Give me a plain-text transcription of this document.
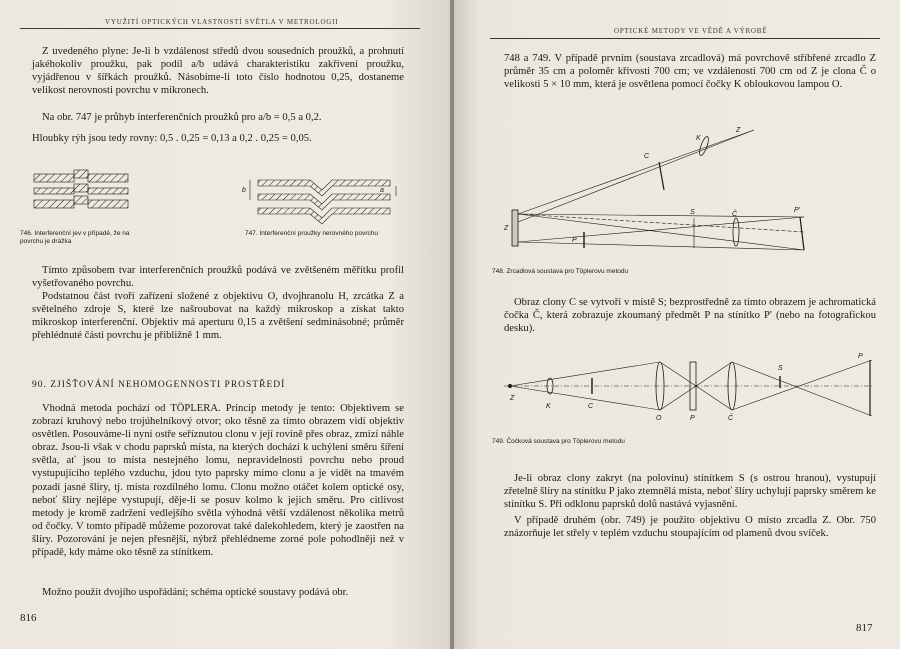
VYUŽITÍ OPTICKÝCH VLASTNOSTÍ SVĚTLA V METROLOGII

Z uvedeného plyne: Je-li b vzdálenost středů dvou sousedních proužků, a prohnutí jakéhokoliv proužku, pak podíl a/b udává charakteristiku zakřivení proužku, vyjádřenou v šířkách proužků. Násobíme-li toto číslo hodnotou 0,25, dostaneme velikost nerovnosti povrchu v mikronech.

Na obr. 747 je průhyb interferenčních proužků pro a/b = 0,5 a 0,2.

Hloubky rýh jsou tedy rovny: 0,5 . 0,25 = 0,13 a 0,2 . 0,25 = 0,05.

746. Interferenční jev v případě, že na povrchu je drážka
b	a
747. Interferenční proužky nerovného povrchu

Tímto způsobem tvar interferenčních proužků podává ve zvětšeném měřítku profil vyšetřovaného povrchu.

Podstatnou část tvoří zařízení složené z objektivu O, dvojhranolu H, zrcátka Z a světelného zdroje S, které lze našroubovat na každý mikroskop a získat takto mikroskop interferenční. Objektiv má aperturu 0,15 a zvětšení sedminásobné; průměr přehlédnuté části povrchu je přibližně 1 mm.

90. ZJIŠŤOVÁNÍ NEHOMOGENNOSTI PROSTŘEDÍ

Vhodná metoda pochází od TÖPLERA. Princip metody je tento: Objektivem se zobrazí kruhový nebo trojúhelníkový otvor; oko těsně za tímto obrazem vidí objektiv osvětlen. Posouváme-li nyní ostře seříznutou clonu v její rovině přes obraz, zmizí náhle obraz. Jsou-li však v chodu paprsků místa, na kterých dochází k uchýlení směru šíření světla, ať jsou to místa nestejného lomu, nepravidelnosti povrchu nebo proud vystupujícího teplého vzduchu, jdou tyto paprsky mimo clonu a je vidět na tmavém pozadí jasné šlíry, tj. místa rozdílného lomu. Clonu možno otáčet kolem optické osy, neboť šlíry nejlépe vystupují, děje-li se posuv kolmo k jejich směru. Pro citlivost metody je kromě zadržení vedlejšího světla výhodná větší vzdálenost několika metrů od čočky. V tomto případě můžeme pozorovat také dalekohledem, který je zaostřen na šlíry. Pozorování je nejen přesnější, nýbrž přehlédneme zorné pole pohodlněji než v případě, kdy máme oko těsně za stínítkem.

Možno použít dvojího uspořádání; schéma optické soustavy podává obr.

816
OPTICKÉ METODY VE VĚDĚ A VÝROBĚ

748 a 749. V případě prvním (soustava zrcadlová) má povrchově stříbřené zrcadlo Z průměr 35 cm a poloměr křivosti 700 cm; ve vzdálenosti 700 cm od Z je clona Č o velikosti 5 × 10 mm, která je osvětlena pomocí čočky K obloukovou lampou O.

C
K
Z
Z
P
S	Č
P'
748. Zrcadlová soustava pro Töplerovu metodu

Obraz clony C se vytvoří v místě S; bezprostředně za tímto obrazem je achromatická čočka Č, která zobrazuje zkoumaný předmět P na stínítko P' (nebo na fotografickou desku).

Z
K	C
O	P	Č
S
P
749. Čočková soustava pro Töplerovu metodu

Je-li obraz clony zakryt (na polovinu) stínítkem S (s ostrou hranou), vystupují zřetelně šlíry na stínítku P jako ztemnělá místa, neboť šlíry uchylují paprsky směrem ke stínítku S. Při odklonu paprsků dolů nastává vyjasnění.

V případě druhém (obr. 749) je použito objektivu O místo zrcadla Z. Obr. 750 znázorňuje let střely v teplém vzduchu stoupajícím od plamenů dvou svíček.

817
